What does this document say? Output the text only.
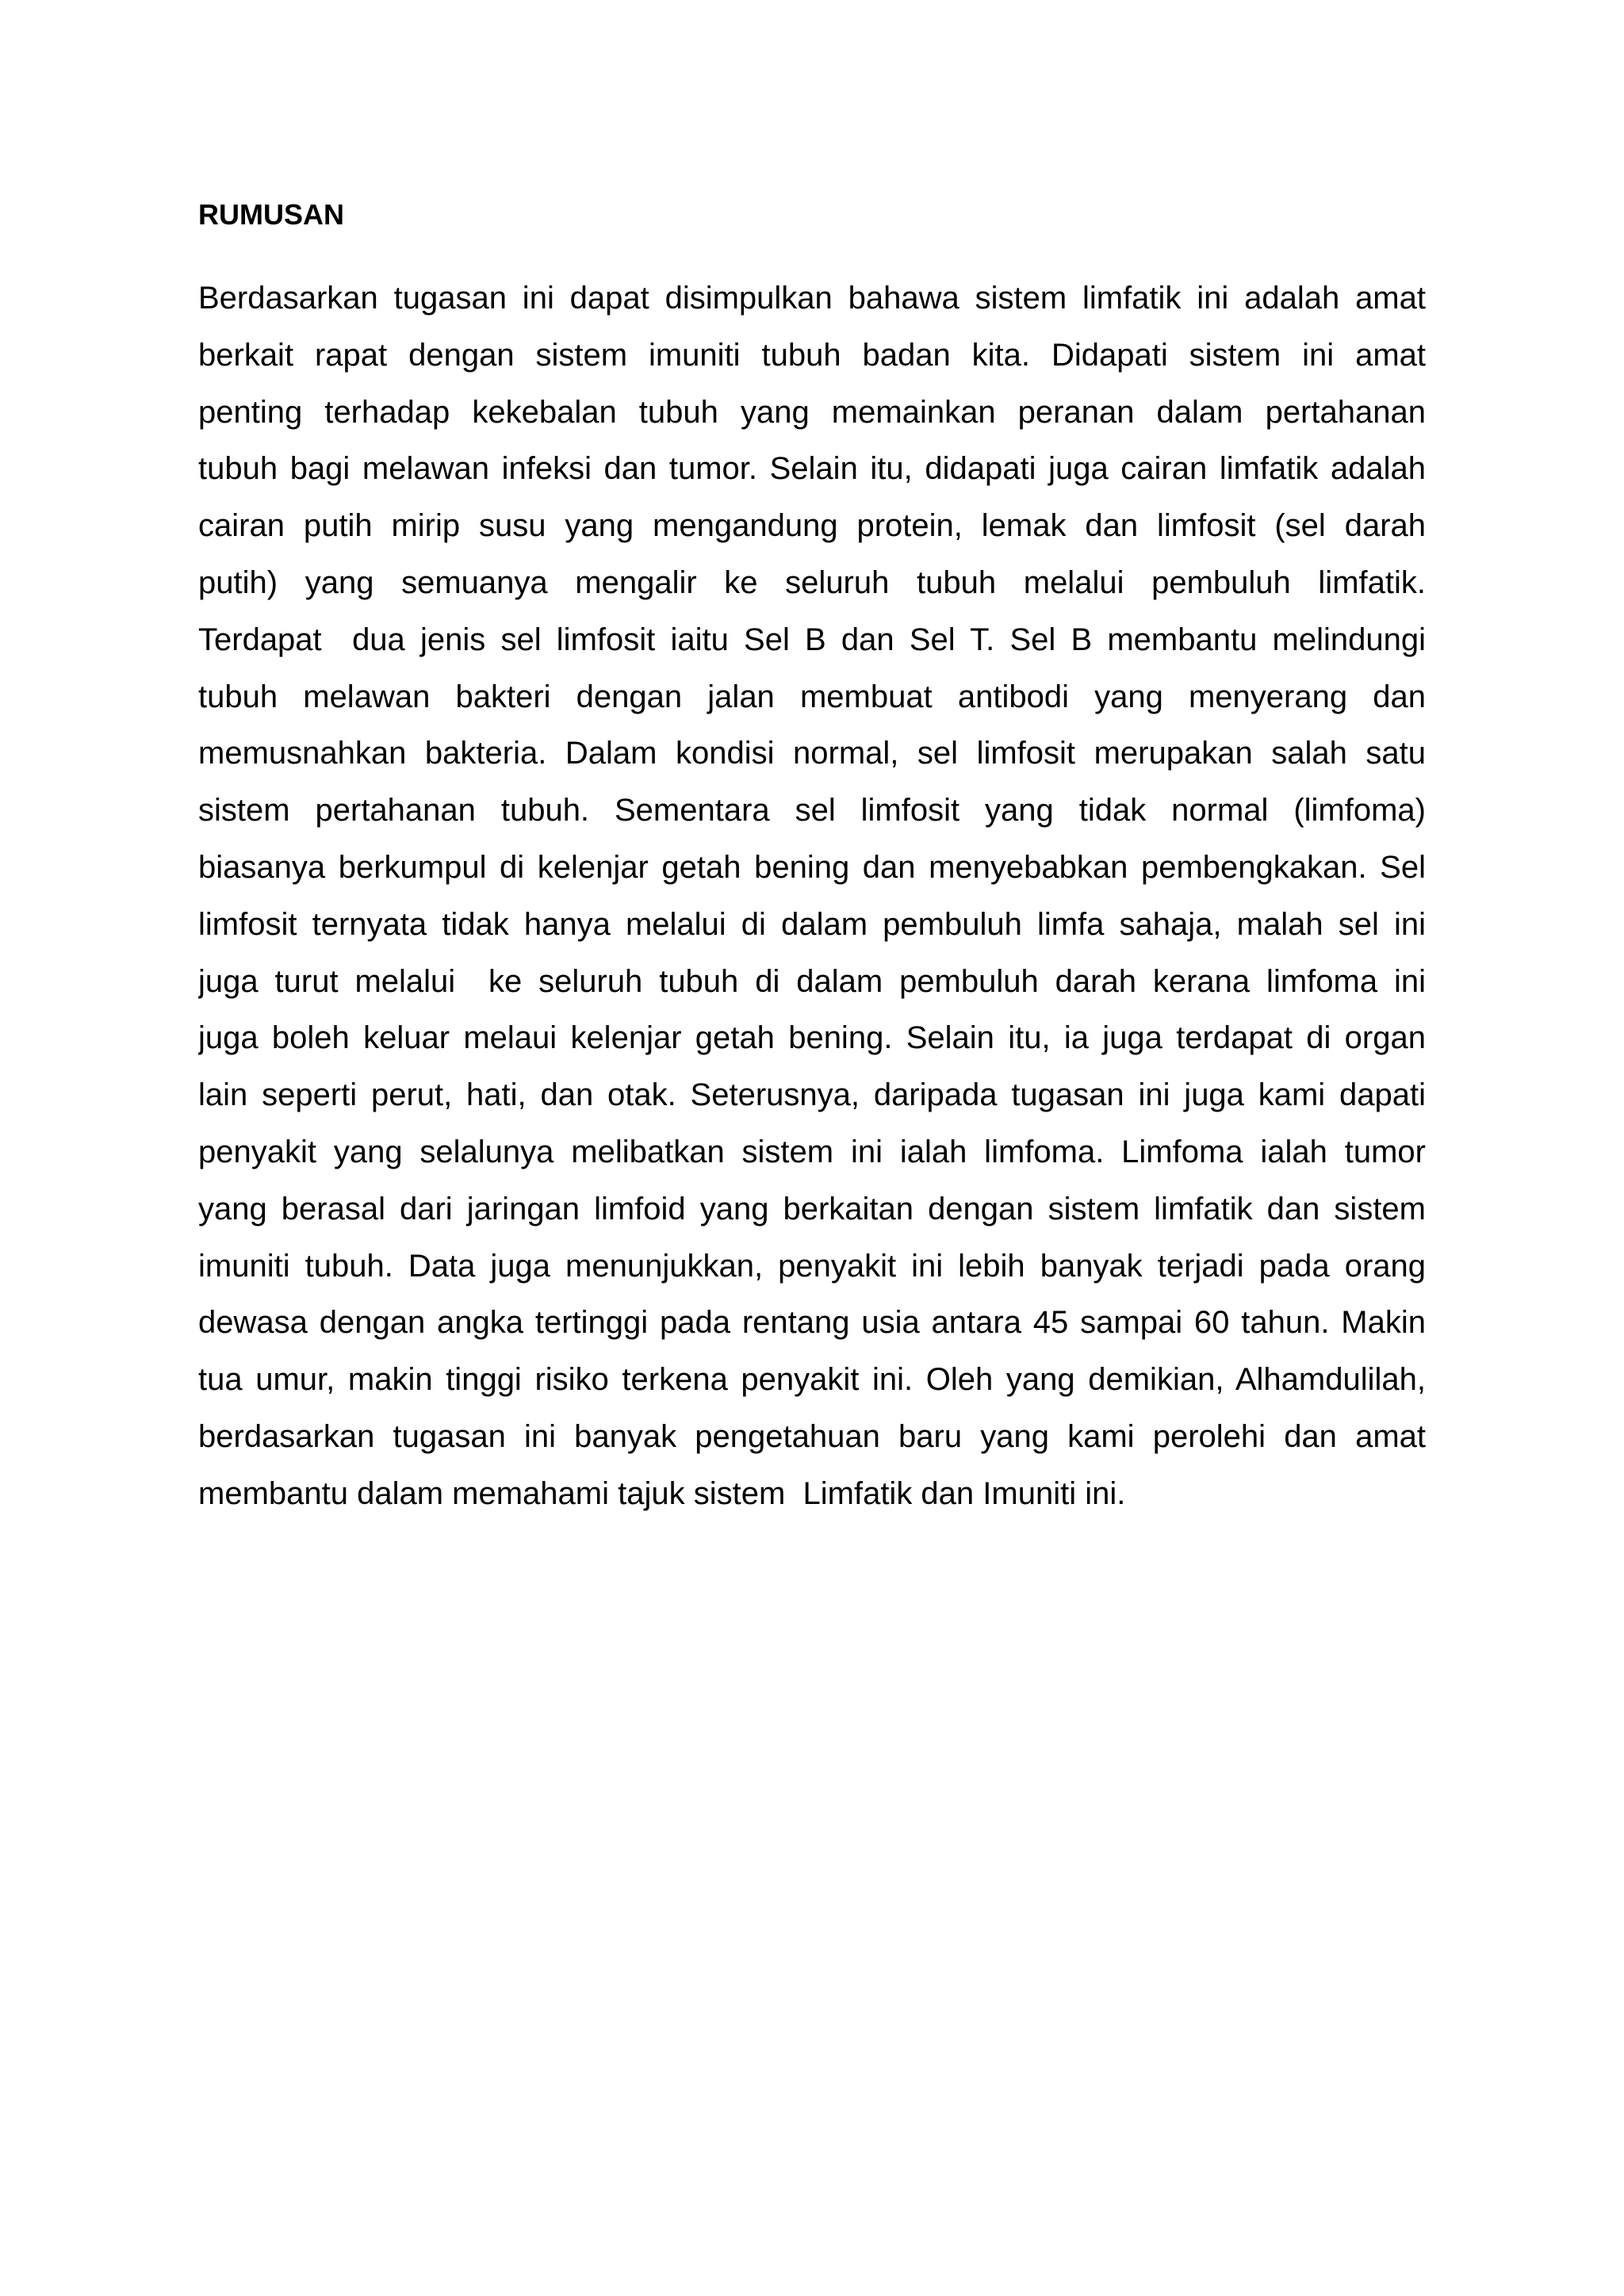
RUMUSAN
Berdasarkan tugasan ini dapat disimpulkan bahawa sistem limfatik ini adalah amat
berkait rapat dengan sistem imuniti tubuh badan kita. Didapati sistem ini amat
penting terhadap kekebalan tubuh yang memainkan peranan dalam pertahanan
tubuh bagi melawan infeksi dan tumor. Selain itu, didapati juga cairan limfatik adalah
cairan putih mirip susu yang mengandung protein, lemak dan limfosit (sel darah
putih) yang semuanya mengalir ke seluruh tubuh melalui pembuluh limfatik.
Terdapat  dua jenis sel limfosit iaitu Sel B dan Sel T. Sel B membantu melindungi
tubuh melawan bakteri dengan jalan membuat antibodi yang menyerang dan
memusnahkan bakteria. Dalam kondisi normal, sel limfosit merupakan salah satu
sistem pertahanan tubuh. Sementara sel limfosit yang tidak normal (limfoma)
biasanya berkumpul di kelenjar getah bening dan menyebabkan pembengkakan. Sel
limfosit ternyata tidak hanya melalui di dalam pembuluh limfa sahaja, malah sel ini
juga turut melalui  ke seluruh tubuh di dalam pembuluh darah kerana limfoma ini
juga boleh keluar melaui kelenjar getah bening. Selain itu, ia juga terdapat di organ
lain seperti perut, hati, dan otak. Seterusnya, daripada tugasan ini juga kami dapati
penyakit yang selalunya melibatkan sistem ini ialah limfoma. Limfoma ialah tumor
yang berasal dari jaringan limfoid yang berkaitan dengan sistem limfatik dan sistem
imuniti tubuh. Data juga menunjukkan, penyakit ini lebih banyak terjadi pada orang
dewasa dengan angka tertinggi pada rentang usia antara 45 sampai 60 tahun. Makin
tua umur, makin tinggi risiko terkena penyakit ini. Oleh yang demikian, Alhamdulilah,
berdasarkan tugasan ini banyak pengetahuan baru yang kami perolehi dan amat
membantu dalam memahami tajuk sistem  Limfatik dan Imuniti ini.
